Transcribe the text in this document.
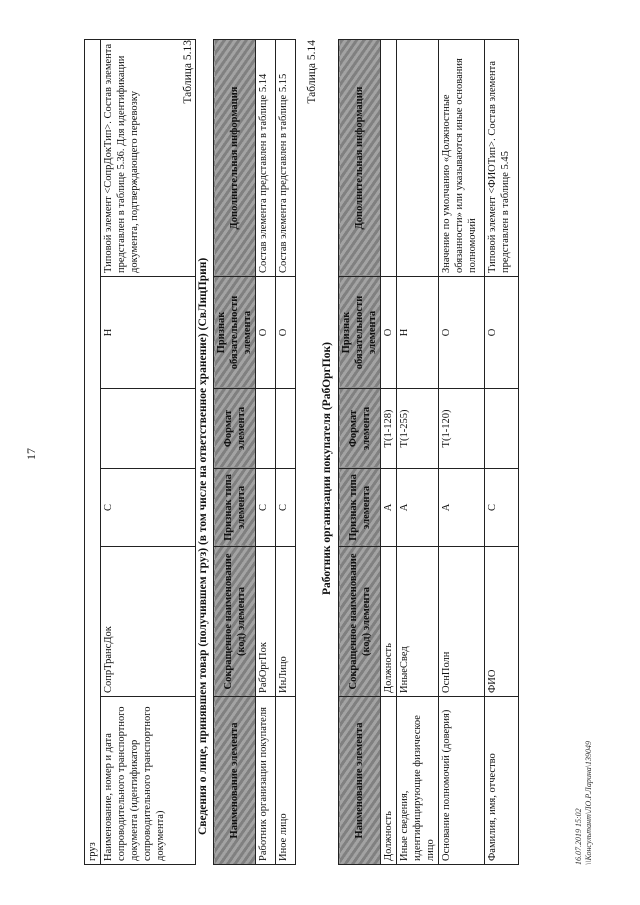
груз
Наименование, номер и дата сопроводительного транспортного документа (идентификатор сопроводительного транспортного документа)	СопрТрансДок	С		Н	Типовой элемент <СопрДокТип>. Состав элемента представлен в таблице 5.36. Для идентификации документа, подтверждающего перевозку
17
Таблица 5.13
Сведения о лице, принявшем товар (получившем груз) (в том числе на ответственное хранение) (СвЛицПрин) Наименование элемента	Сокращенное наименование (код) элемента	Признак типа элемента	Формат элемента	Признак обязательности элемента	Дополнительная информация
Работник организации покупателя	РабОргПок	С		О	Состав элемента представлен в таблице 5.14
Иное лицо	ИнЛицо	С		О	Состав элемента представлен в таблице 5.15
Таблица 5.14
Работник организации покупателя (РабОргПок)
Наименование элемента	Сокращенное наименование (код) элемента	Признак типа элемента	Формат элемента	Признак обязательности элемента	Дополнительная информация
Должность	Должность	А	T(1-128)	О	
Иные сведения, идентифицирующие физическое лицо	ИныеСвед	А	T(1-255)	Н	
Основание полномочий (доверия)	ОснПолн	А	T(1-120)	О	Значение по умолчанию «Должностные обязанности» или указываются иные основания полномочий
Фамилия, имя, отчество	ФИО	С		О	Типовой элемент <ФИОТип>. Состав элемента представлен в таблице 5.45
16.07.2019 15:02 \\Консультант\ЛО.Р.Ларина\139049
